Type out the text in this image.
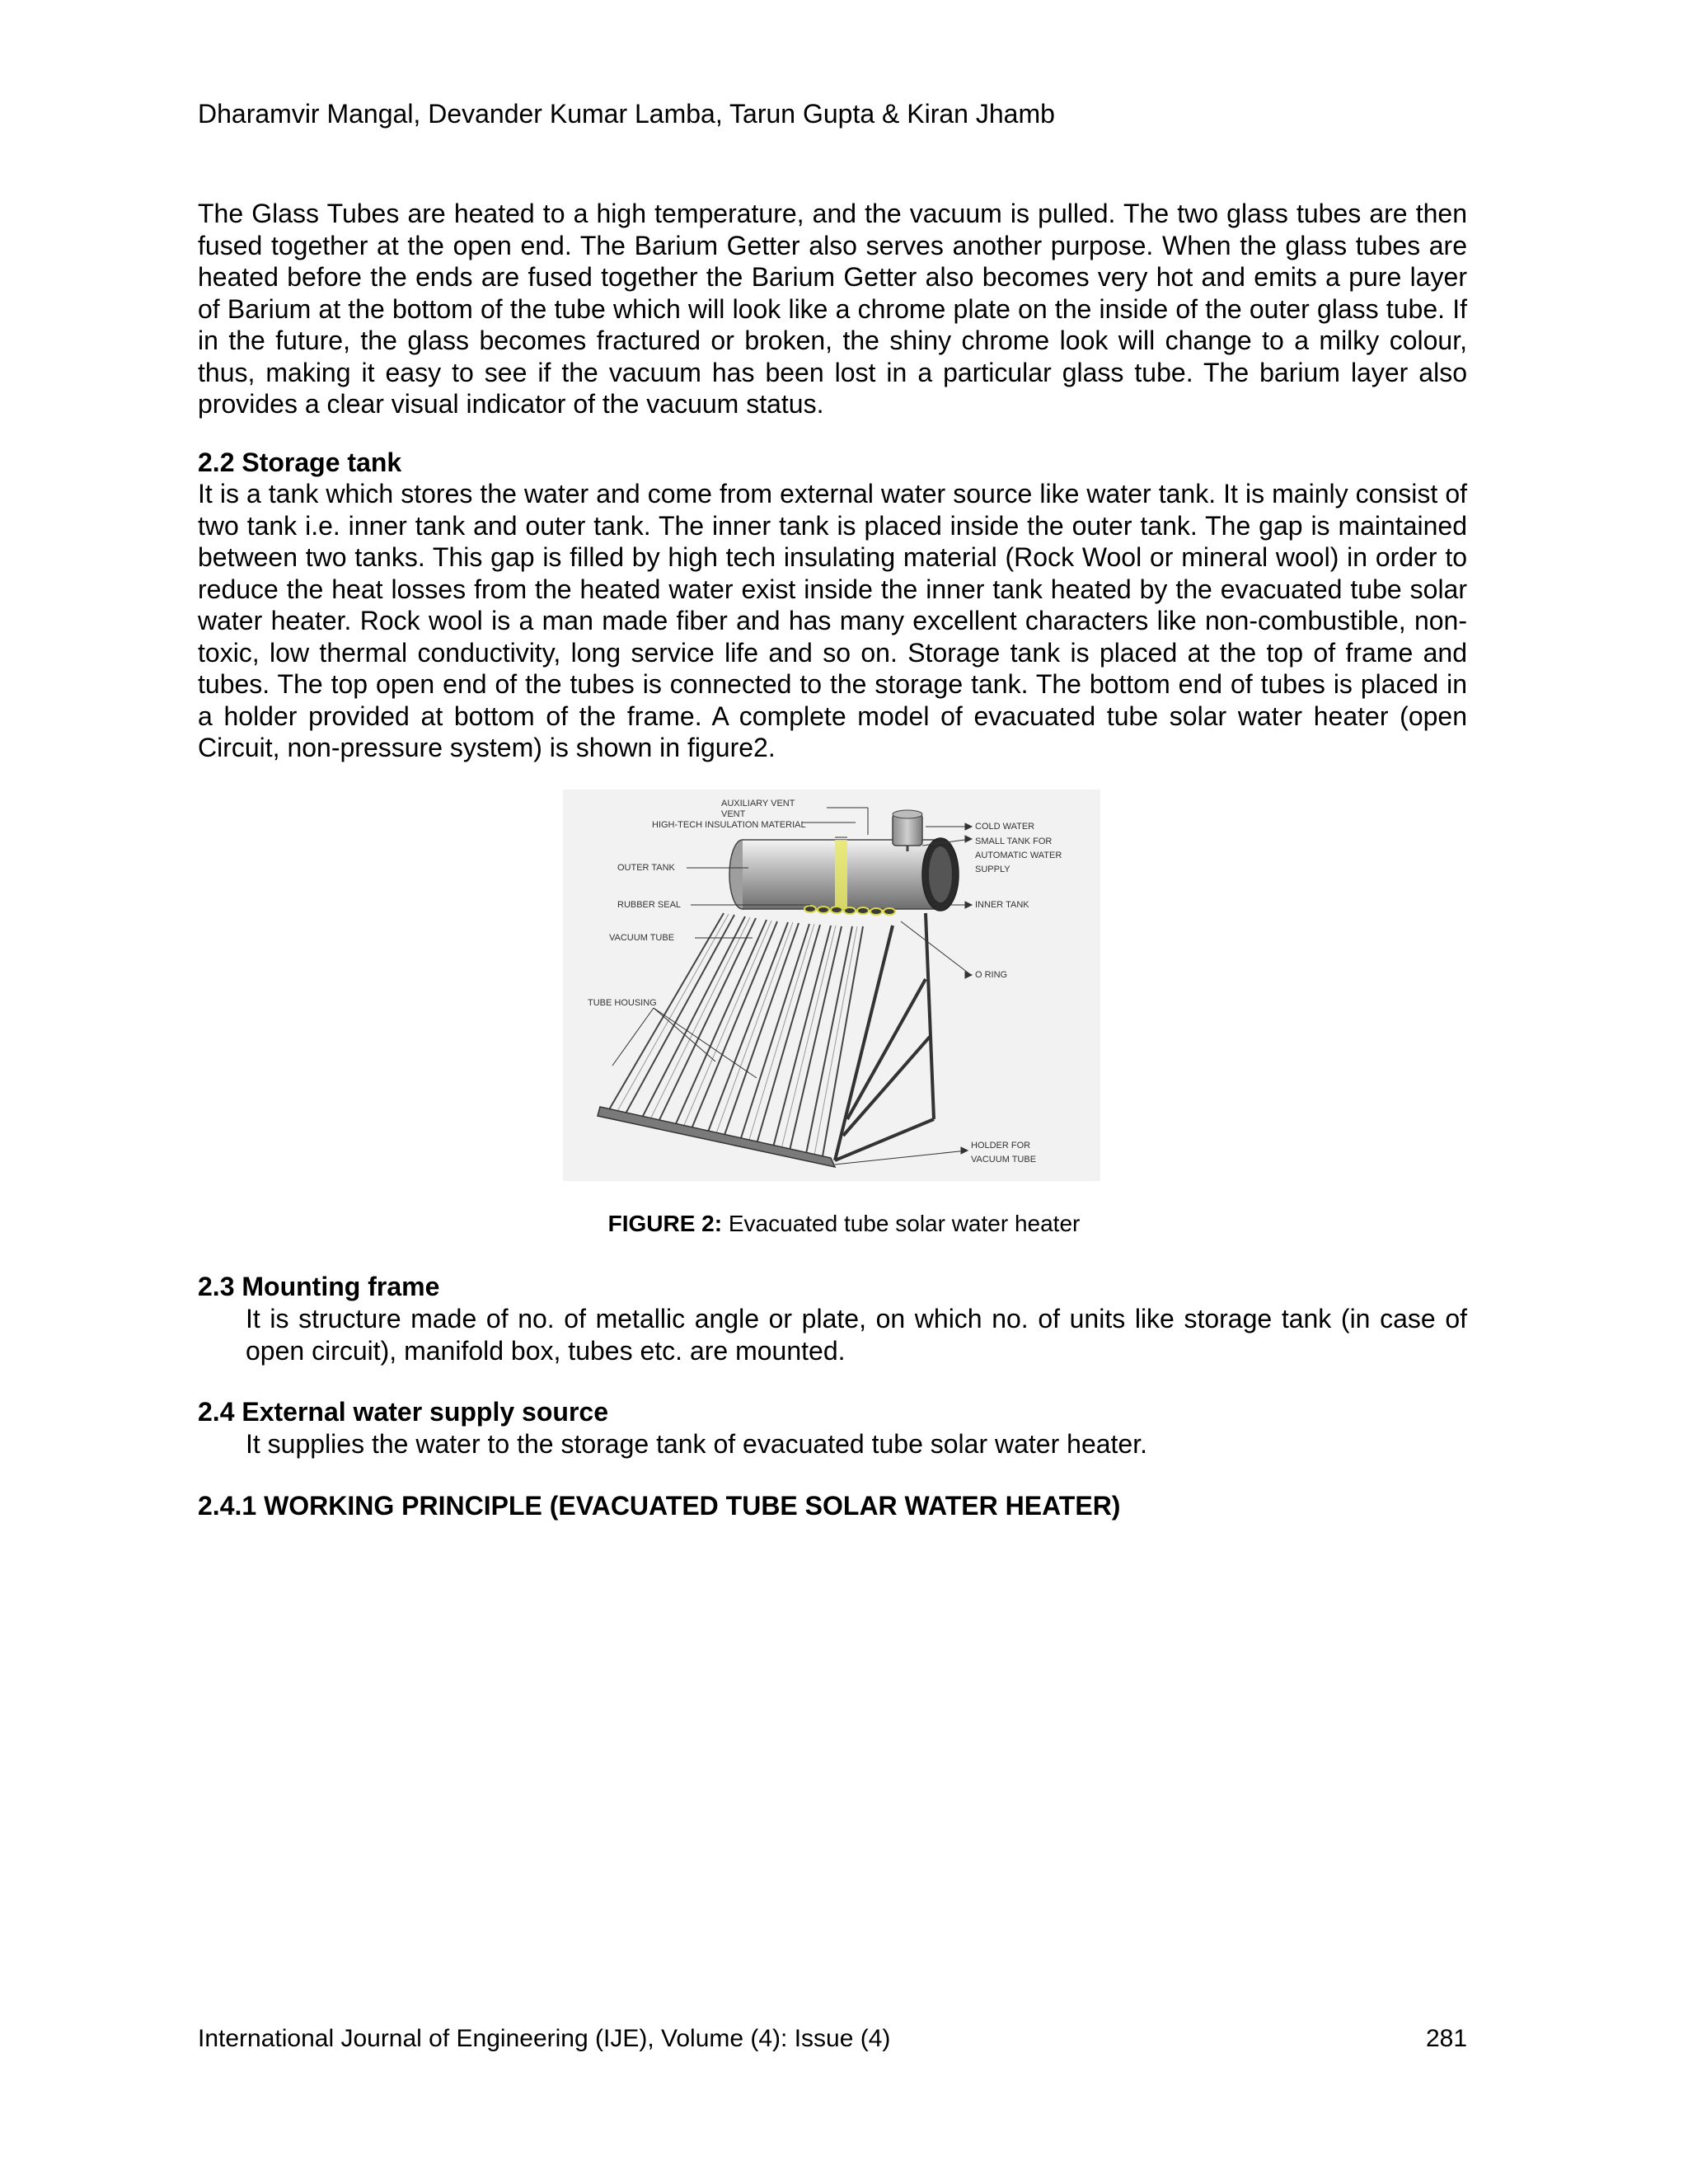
Dharamvir Mangal, Devander Kumar Lamba, Tarun Gupta & Kiran Jhamb
The Glass Tubes are heated to a high temperature, and the vacuum is pulled. The two glass tubes are then fused together at the open end. The Barium Getter also serves another purpose. When the glass tubes are heated before the ends are fused together the Barium Getter also becomes very hot and emits a pure layer of Barium at the bottom of the tube which will look like a chrome plate on the inside of the outer glass tube. If in the future, the glass becomes fractured or broken, the shiny chrome look will change to a milky colour, thus, making it easy to see if the vacuum has been lost in a particular glass tube. The barium layer also provides a clear visual indicator of the vacuum status.
2.2 Storage tank
It is a tank which stores the water and come from external water source like water tank. It is mainly consist of two tank i.e. inner tank and outer tank. The inner tank is placed inside the outer tank. The gap is maintained between two tanks. This gap is filled by high tech insulating material (Rock Wool or mineral wool) in order to reduce the heat losses from the heated water exist inside the inner tank heated by the evacuated tube solar water heater. Rock wool is a man made fiber and has many excellent characters like non-combustible, non-toxic, low thermal conductivity, long service life and so on. Storage tank is placed at the top of frame and tubes. The top open end of the tubes is connected to the storage tank. The bottom end of tubes is placed in a holder provided at bottom of the frame. A complete model of evacuated tube solar water heater (open Circuit, non-pressure system) is shown in figure2.
AUXILIARY VENT
VENT
HIGH-TECH INSULATION MATERIAL
OUTER TANK
RUBBER SEAL
VACUUM TUBE
TUBE HOUSING
COLD WATER
SMALL TANK FOR
AUTOMATIC WATER
SUPPLY
INNER TANK
O RING
HOLDER FOR
VACUUM TUBE
FIGURE 2: Evacuated tube solar water heater
2.3 Mounting frame
It is structure made of no. of metallic angle or plate, on which no. of units like storage tank (in case of open circuit), manifold box, tubes etc. are mounted.
2.4 External water supply source
It supplies the water to the storage tank of evacuated tube solar water heater.
2.4.1 WORKING PRINCIPLE (EVACUATED TUBE SOLAR WATER HEATER)
International Journal of Engineering (IJE), Volume (4): Issue (4)	281
